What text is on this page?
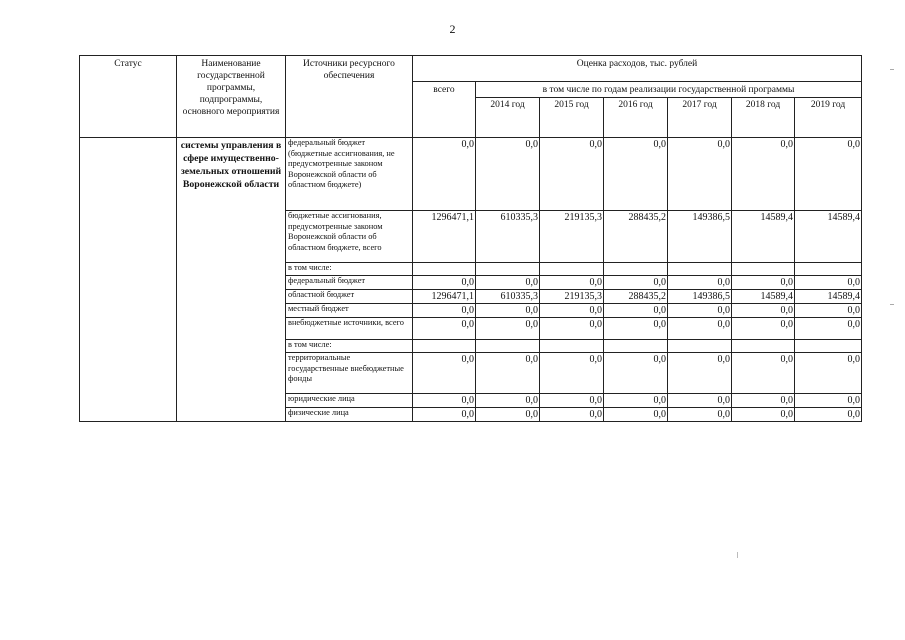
2
Статус	Наименование государственной программы, подпрограммы, основного мероприятия	Источники ресурсного обеспечения	Оценка расходов, тыс. рублей						
			всего	в том числе по годам реализации государственной программы					
				2014 год	2015 год	2016 год	2017 год	2018 год	2019 год
	системы управления в сфере имущественно-земельных отношений Воронежской области	федеральный бюджет (бюджетные ассигнования, не предусмотренные законом Воронежской области об областном бюджете)	0,0	0,0	0,0	0,0	0,0	0,0	0,0
		бюджетные ассигнования, предусмотренные законом Воронежской области об областном бюджете, всего	1296471,1	610335,3	219135,3	288435,2	149386,5	14589,4	14589,4
		в том числе:							
		федеральный бюджет	0,0	0,0	0,0	0,0	0,0	0,0	0,0
		областной бюджет	1296471,1	610335,3	219135,3	288435,2	149386,5	14589,4	14589,4
		местный бюджет	0,0	0,0	0,0	0,0	0,0	0,0	0,0
		внебюджетные источники, всего	0,0	0,0	0,0	0,0	0,0	0,0	0,0
		в том числе:							
		территориальные государственные внебюджетные фонды	0,0	0,0	0,0	0,0	0,0	0,0	0,0
		юридические лица	0,0	0,0	0,0	0,0	0,0	0,0	0,0
		физические лица	0,0	0,0	0,0	0,0	0,0	0,0	0,0
